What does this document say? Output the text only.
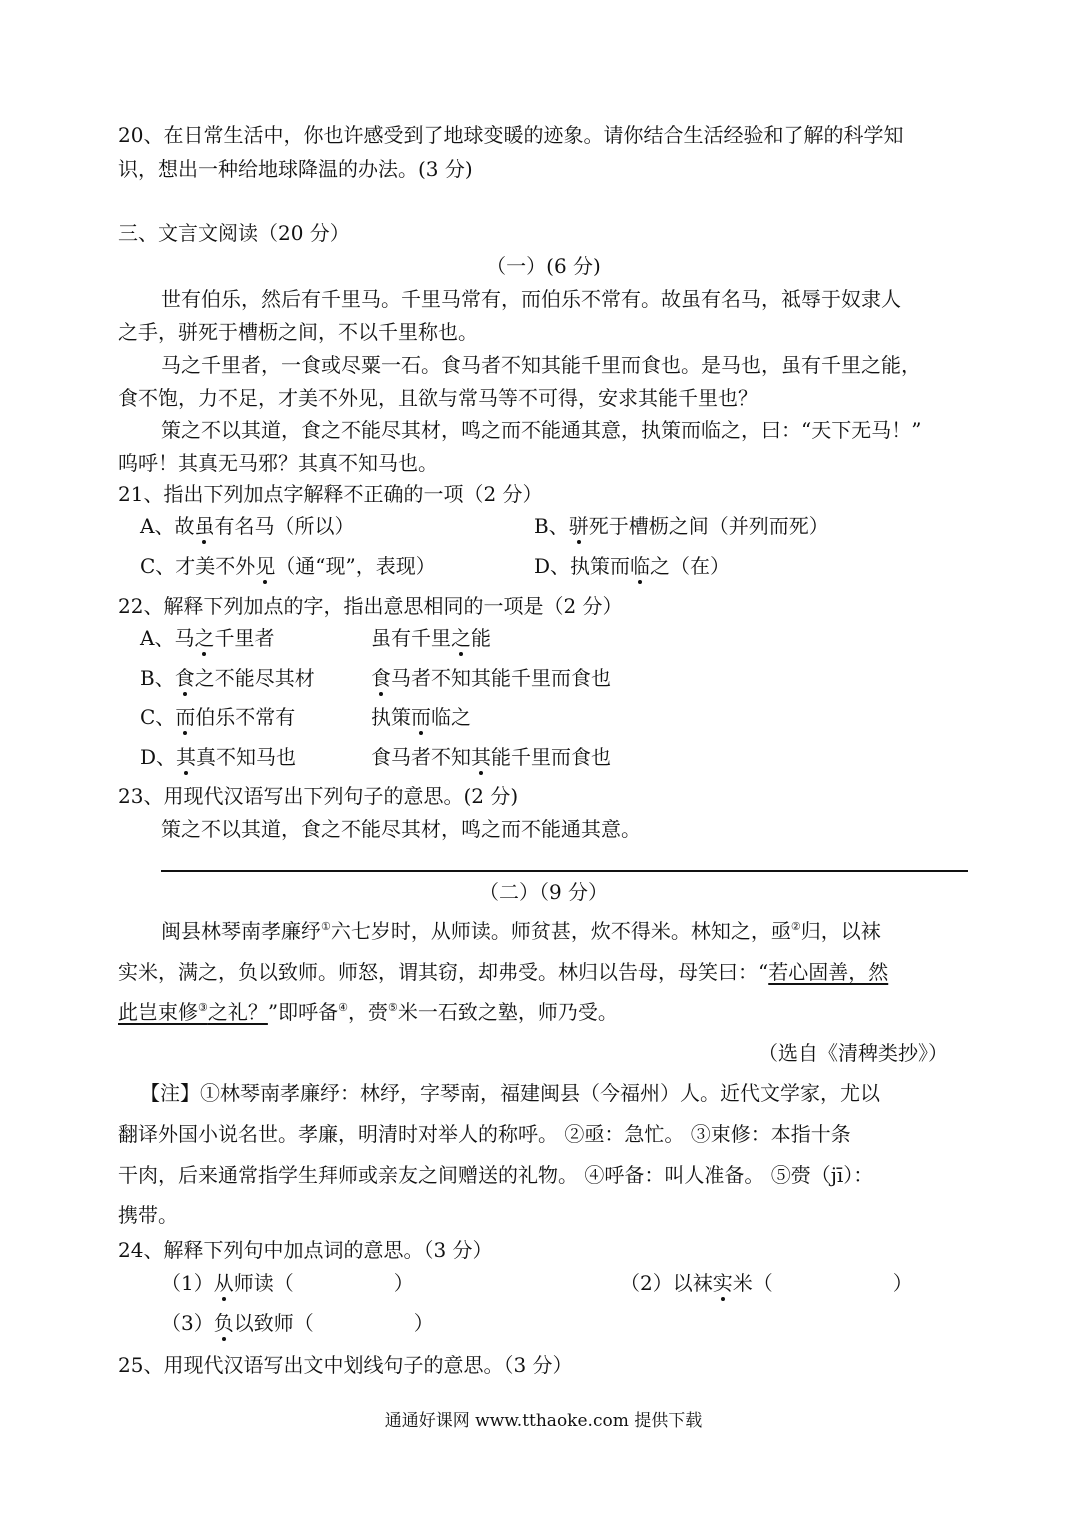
20、在日常生活中，你也许感受到了地球变暖的迹象。请你结合生活经验和了解的科学知
识，想出一种给地球降温的办法。(3 分)
三、文言文阅读（20 分）
（一）(6 分)
世有伯乐，然后有千里马。千里马常有，而伯乐不常有。故虽有名马，祗辱于奴隶人
之手，骈死于槽枥之间，不以千里称也。
马之千里者，一食或尽粟一石。食马者不知其能千里而食也。是马也，虽有千里之能，
食不饱，力不足，才美不外见，且欲与常马等不可得，安求其能千里也？
策之不以其道，食之不能尽其材，鸣之而不能通其意，执策而临之，曰：“天下无马！”
呜呼！其真无马邪？其真不知马也。
21、指出下列加点字解释不正确的一项（2 分）
A、故虽有名马（所以）	B、骈死于槽枥之间（并列而死）
C、才美不外见（通“现”，表现）	D、执策而临之（在）
22、解释下列加点的字，指出意思相同的一项是（2 分）
A、马之千里者	虽有千里之能
B、食之不能尽其材	食马者不知其能千里而食也
C、而伯乐不常有	执策而临之
D、其真不知马也	食马者不知其能千里而食也
23、用现代汉语写出下列句子的意思。(2 分)
策之不以其道，食之不能尽其材，鸣之而不能通其意。
（二）（9 分）
闽县林琴南孝廉纾①六七岁时，从师读。师贫甚，炊不得米。林知之，亟②归，以袜
实米，满之，负以致师。师怒，谓其窃，却弗受。林归以告母，母笑曰：“若心固善，然
此岂束修③之礼？”即呼备④，赍⑤米一石致之塾，师乃受。
（选自《清稗类抄》）
【注】①林琴南孝廉纾：林纾，字琴南，福建闽县（今福州）人。近代文学家，尤以
翻译外国小说名世。孝廉，明清时对举人的称呼。 ②亟：急忙。 ③束修：本指十条
干肉，后来通常指学生拜师或亲友之间赠送的礼物。 ④呼备：叫人准备。 ⑤赍（jī）：
携带。
24、解释下列句中加点词的意思。（3 分）
（1）从师读（　　　　　）	（2）以袜实米（　　　　　　）
（3）负以致师（　　　　　）
25、用现代汉语写出文中划线句子的意思。（3 分）
通通好课网 www.tthaoke.com 提供下载
